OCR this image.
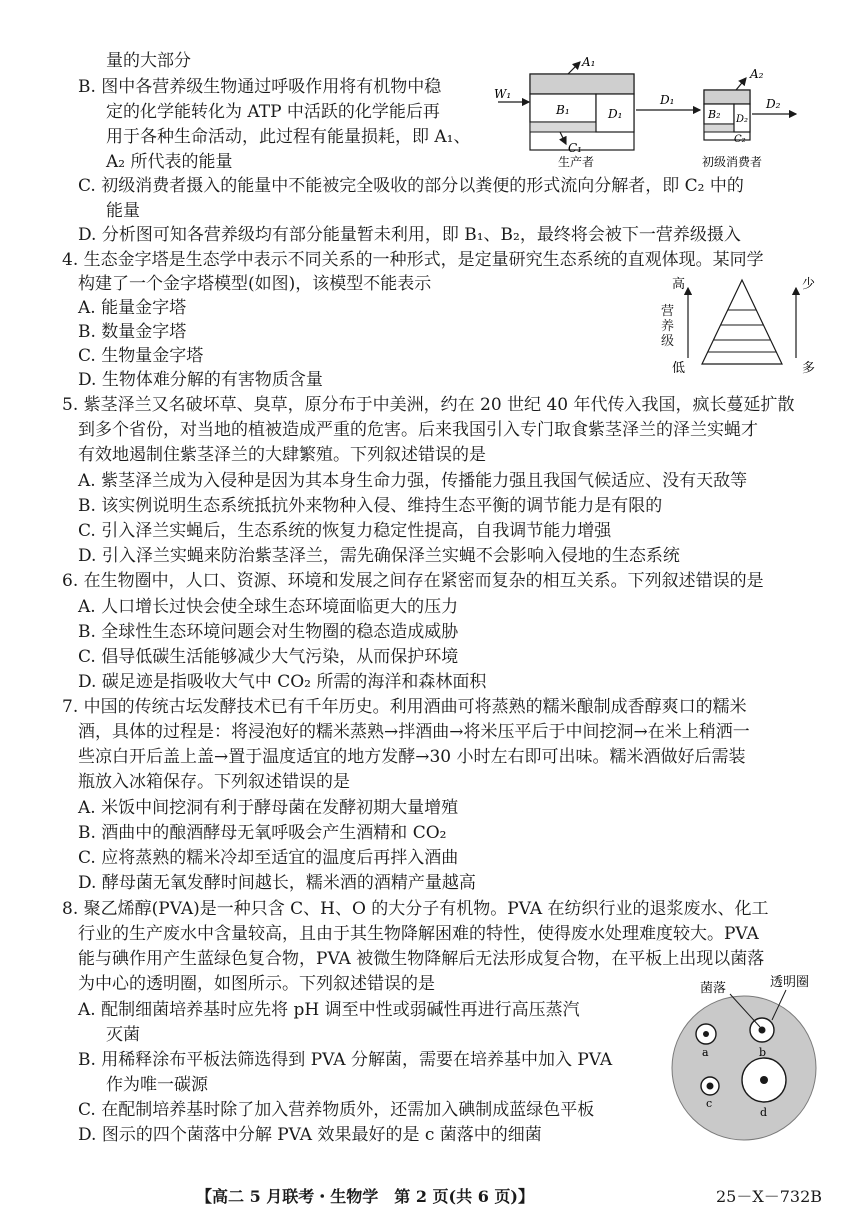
量的大部分
B. 图中各营养级生物通过呼吸作用将有机物中稳
定的化学能转化为 ATP 中活跃的化学能后再
用于各种生命活动，此过程有能量损耗，即 A₁、
A₂ 所代表的能量
C. 初级消费者摄入的能量中不能被完全吸收的部分以粪便的形式流向分解者，即 C₂ 中的
能量
D. 分析图可知各营养级均有部分能量暂未利用，即 B₁、B₂，最终将会被下一营养级摄入
W₁
A₁
A₂
B₁	B₂
C₁
C₂
D₁	D₂
D₁	D₂
生产者	初级消费者
4. 生态金字塔是生态学中表示不同关系的一种形式，是定量研究生态系统的直观体现。某同学
构建了一个金字塔模型(如图)，该模型不能表示
A. 能量金字塔
B. 数量金字塔
C. 生物量金字塔
D. 生物体难分解的有害物质含量
高
低
少
多
营养级
5. 紫茎泽兰又名破坏草、臭草，原分布于中美洲，约在 20 世纪 40 年代传入我国，疯长蔓延扩散
到多个省份，对当地的植被造成严重的危害。后来我国引入专门取食紫茎泽兰的泽兰实蝇才
有效地遏制住紫茎泽兰的大肆繁殖。下列叙述错误的是
A. 紫茎泽兰成为入侵种是因为其本身生命力强，传播能力强且我国气候适应、没有天敌等
B. 该实例说明生态系统抵抗外来物种入侵、维持生态平衡的调节能力是有限的
C. 引入泽兰实蝇后，生态系统的恢复力稳定性提高，自我调节能力增强
D. 引入泽兰实蝇来防治紫茎泽兰，需先确保泽兰实蝇不会影响入侵地的生态系统
6. 在生物圈中，人口、资源、环境和发展之间存在紧密而复杂的相互关系。下列叙述错误的是
A. 人口增长过快会使全球生态环境面临更大的压力
B. 全球性生态环境问题会对生物圈的稳态造成威胁
C. 倡导低碳生活能够减少大气污染，从而保护环境
D. 碳足迹是指吸收大气中 CO₂ 所需的海洋和森林面积
7. 中国的传统古坛发酵技术已有千年历史。利用酒曲可将蒸熟的糯米酿制成香醇爽口的糯米
酒，具体的过程是：将浸泡好的糯米蒸熟→拌酒曲→将米压平后于中间挖洞→在米上稍洒一
些凉白开后盖上盖→置于温度适宜的地方发酵→30 小时左右即可出味。糯米酒做好后需装
瓶放入冰箱保存。下列叙述错误的是
A. 米饭中间挖洞有利于酵母菌在发酵初期大量增殖
B. 酒曲中的酿酒酵母无氧呼吸会产生酒精和 CO₂
C. 应将蒸熟的糯米冷却至适宜的温度后再拌入酒曲
D. 酵母菌无氧发酵时间越长，糯米酒的酒精产量越高
8. 聚乙烯醇(PVA)是一种只含 C、H、O 的大分子有机物。PVA 在纺织行业的退浆废水、化工
行业的生产废水中含量较高，且由于其生物降解困难的特性，使得废水处理难度较大。PVA
能与碘作用产生蓝绿色复合物，PVA 被微生物降解后无法形成复合物，在平板上出现以菌落
为中心的透明圈，如图所示。下列叙述错误的是
A. 配制细菌培养基时应先将 pH 调至中性或弱碱性再进行高压蒸汽
灭菌
B. 用稀释涂布平板法筛选得到 PVA 分解菌，需要在培养基中加入 PVA
作为唯一碳源
C. 在配制培养基时除了加入营养物质外，还需加入碘制成蓝绿色平板
D. 图示的四个菌落中分解 PVA 效果最好的是 c 菌落中的细菌
菌落	透明圈
a	b
c
d
【高二 5 月联考・生物学　第 2 页(共 6 页)】	25－X－732B
